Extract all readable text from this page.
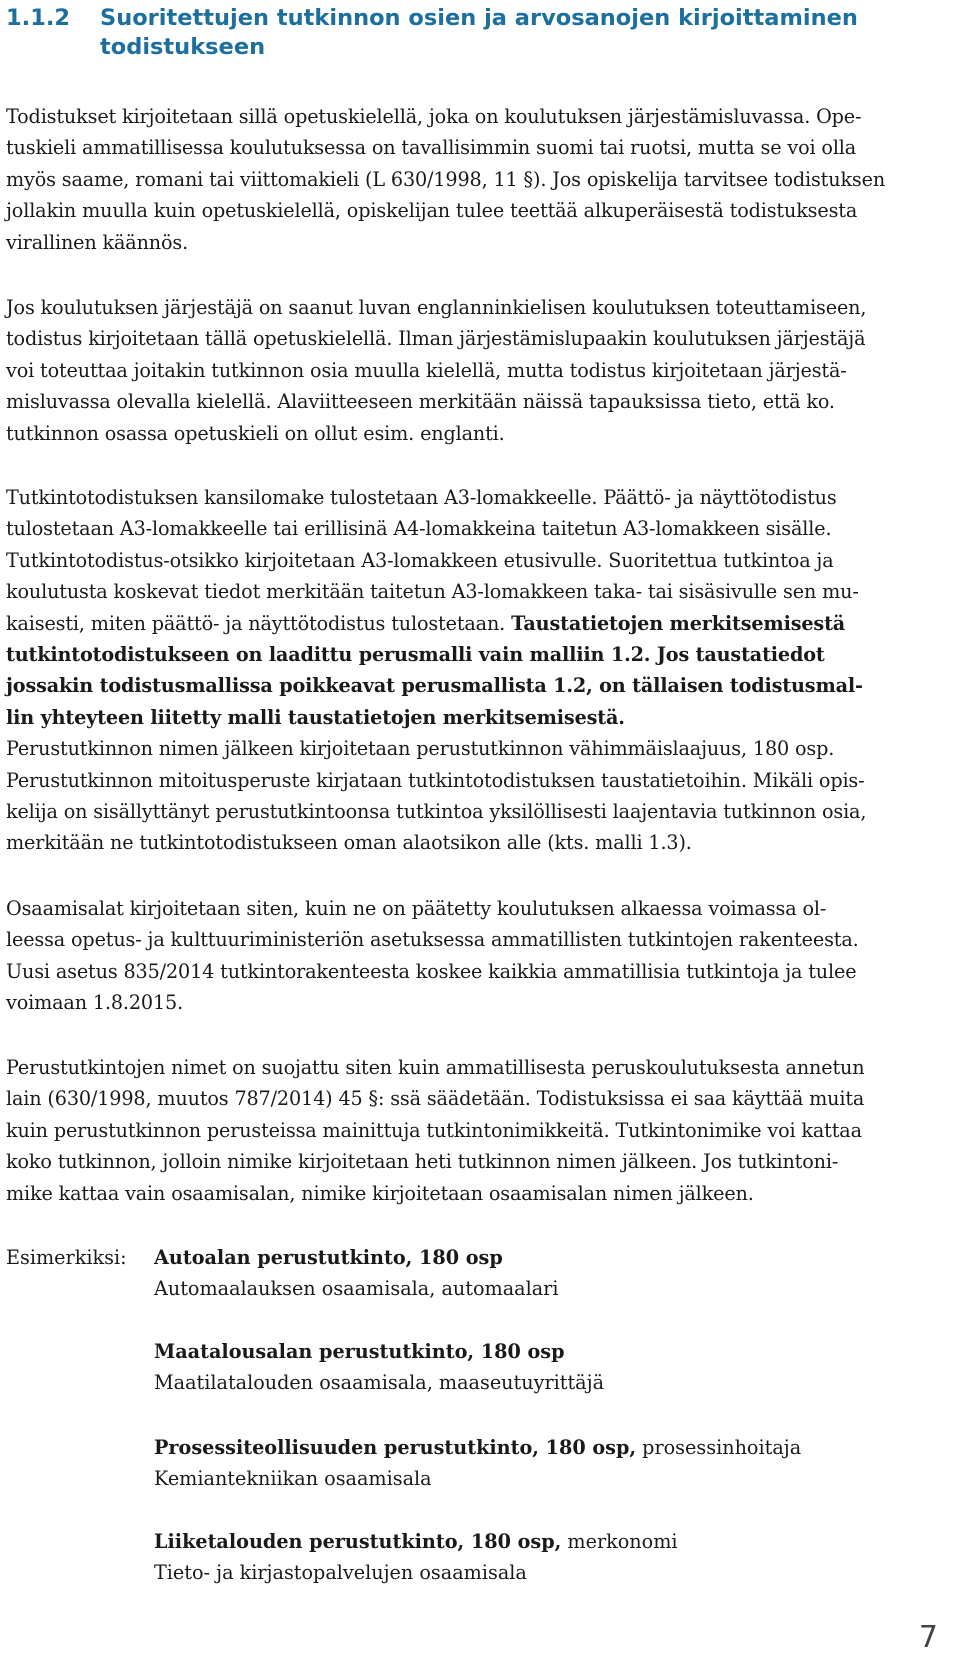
1.1.2 Suoritettujen tutkinnon osien ja arvosanojen kirjoittaminen
todistukseen

Todistukset kirjoitetaan sillä opetuskielellä, joka on koulutuksen järjestämisluvassa. Ope-
tuskieli ammatillisessa koulutuksessa on tavallisimmin suomi tai ruotsi, mutta se voi olla
myös saame, romani tai viittomakieli (L 630/1998, 11 §). Jos opiskelija tarvitsee todistuksen
jollakin muulla kuin opetuskielellä, opiskelijan tulee teettää alkuperäisestä todistuksesta
virallinen käännös.

Jos koulutuksen järjestäjä on saanut luvan englanninkielisen koulutuksen toteuttamiseen,
todistus kirjoitetaan tällä opetuskielellä. Ilman järjestämislupaakin koulutuksen järjestäjä
voi toteuttaa joitakin tutkinnon osia muulla kielellä, mutta todistus kirjoitetaan järjestä-
misluvassa olevalla kielellä. Alaviitteeseen merkitään näissä tapauksissa tieto, että ko.
tutkinnon osassa opetuskieli on ollut esim. englanti.

Tutkintotodistuksen kansilomake tulostetaan A3-lomakkeelle. Päättö- ja näyttötodistus
tulostetaan A3-lomakkeelle tai erillisinä A4-lomakkeina taitetun A3-lomakkeen sisälle.
Tutkintotodistus-otsikko kirjoitetaan A3-lomakkeen etusivulle. Suoritettua tutkintoa ja
koulutusta koskevat tiedot merkitään taitetun A3-lomakkeen taka- tai sisäsivulle sen mu-
kaisesti, miten päättö- ja näyttötodistus tulostetaan. Taustatietojen merkitsemisestä
tutkintotodistukseen on laadittu perusmalli vain malliin 1.2. Jos taustatiedot
jossakin todistusmallissa poikkeavat perusmallista 1.2, on tällaisen todistusmal-
lin yhteyteen liitetty malli taustatietojen merkitsemisestä.
Perustutkinnon nimen jälkeen kirjoitetaan perustutkinnon vähimmäislaajuus, 180 osp.
Perustutkinnon mitoitusperuste kirjataan tutkintotodistuksen taustatietoihin. Mikäli opis-
kelija on sisällyttänyt perustutkintoonsa tutkintoa yksilöllisesti laajentavia tutkinnon osia,
merkitään ne tutkintotodistukseen oman alaotsikon alle (kts. malli 1.3).

Osaamisalat kirjoitetaan siten, kuin ne on päätetty koulutuksen alkaessa voimassa ol-
leessa opetus- ja kulttuuriministeriön asetuksessa ammatillisten tutkintojen rakenteesta.
Uusi asetus 835/2014 tutkintorakenteesta koskee kaikkia ammatillisia tutkintoja ja tulee
voimaan 1.8.2015.

Perustutkintojen nimet on suojattu siten kuin ammatillisesta peruskoulutuksesta annetun
lain (630/1998, muutos 787/2014) 45 §: ssä säädetään. Todistuksissa ei saa käyttää muita
kuin perustutkinnon perusteissa mainittuja tutkintonimikkeitä. Tutkintonimike voi kattaa
koko tutkinnon, jolloin nimike kirjoitetaan heti tutkinnon nimen jälkeen. Jos tutkintoni-
mike kattaa vain osaamisalan, nimike kirjoitetaan osaamisalan nimen jälkeen.

Esimerkiksi: Autoalan perustutkinto, 180 osp
Automaalauksen osaamisala, automaalari
Maatalousalan perustutkinto, 180 osp
Maatilatalouden osaamisala, maaseutuyrittäjä
Prosessiteollisuuden perustutkinto, 180 osp, prosessinhoitaja
Kemiantekniikan osaamisala
Liiketalouden perustutkinto, 180 osp, merkonomi
Tieto- ja kirjastopalvelujen osaamisala
7
